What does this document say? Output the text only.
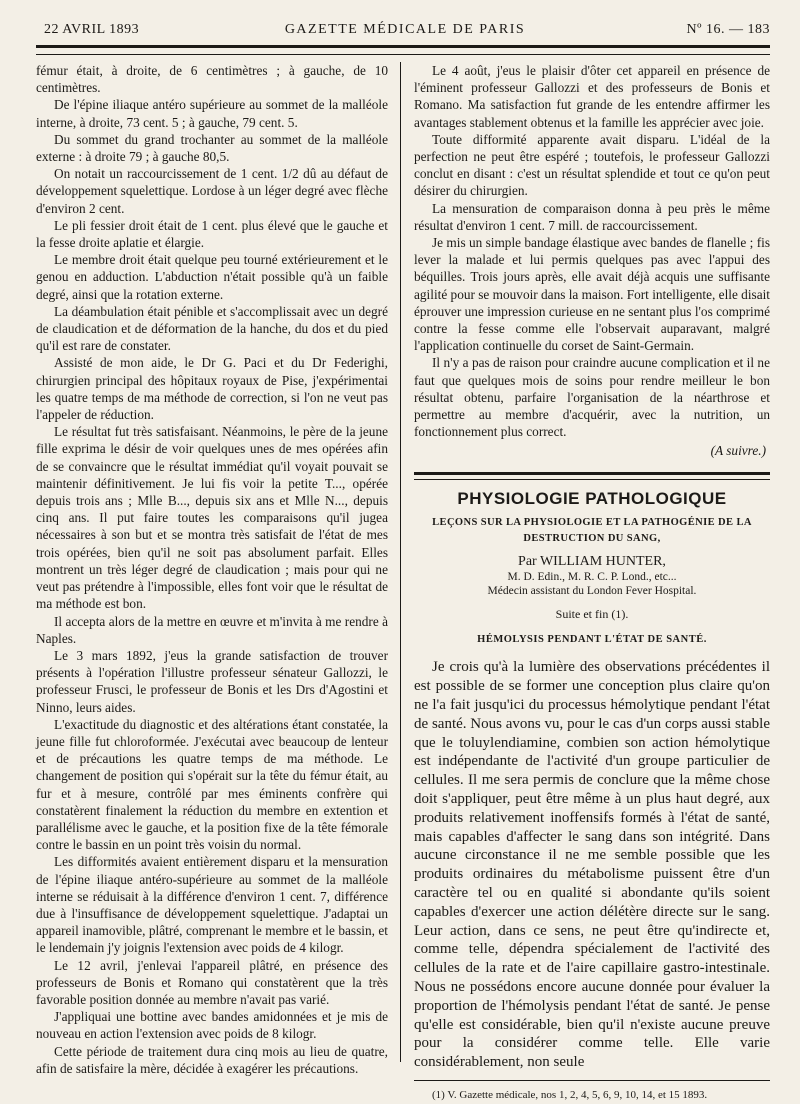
22 AVRIL 1893	GAZETTE MÉDICALE DE PARIS	Nº 16. — 183

fémur était, à droite, de 6 centimètres ; à gauche, de 10 centimètres.

De l'épine iliaque antéro supérieure au sommet de la malléole interne, à droite, 73 cent. 5 ; à gauche, 79 cent. 5.

Du sommet du grand trochanter au sommet de la malléole externe : à droite 79 ; à gauche 80,5.

On notait un raccourcissement de 1 cent. 1/2 dû au défaut de développement squelettique. Lordose à un léger degré avec flèche d'environ 2 cent.

Le pli fessier droit était de 1 cent. plus élevé que le gauche et la fesse droite aplatie et élargie.

Le membre droit était quelque peu tourné extérieurement et le genou en adduction. L'abduction n'était possible qu'à un faible degré, ainsi que la rotation externe.

La déambulation était pénible et s'accomplissait avec un degré de claudication et de déformation de la hanche, du dos et du pied qu'il est rare de constater.

Assisté de mon aide, le Dr G. Paci et du Dr Federighi, chirurgien principal des hôpitaux royaux de Pise, j'expérimentai les quatre temps de ma méthode de correction, si l'on ne veut pas l'appeler de réduction.

Le résultat fut très satisfaisant. Néanmoins, le père de la jeune fille exprima le désir de voir quelques unes de mes opérées afin de se convaincre que le résultat immédiat qu'il voyait pouvait se maintenir définitivement. Je lui fis voir la petite T..., opérée depuis trois ans ; Mlle B..., depuis six ans et Mlle N..., depuis cinq ans. Il put faire toutes les comparaisons qu'il jugea nécessaires à son but et se montra très satisfait de l'état de mes trois opérées, bien qu'il ne soit pas absolument parfait. Elles montrent un très léger degré de claudication ; mais pour qui ne veut pas prétendre à l'impossible, elles font voir que le résultat de ma méthode est bon.

Il accepta alors de la mettre en œuvre et m'invita à me rendre à Naples.

Le 3 mars 1892, j'eus la grande satisfaction de trouver présents à l'opération l'illustre professeur sénateur Gallozzi, le professeur Frusci, le professeur de Bonis et les Drs d'Agostini et Ninno, leurs aides.

L'exactitude du diagnostic et des altérations étant constatée, la jeune fille fut chloroformée. J'exécutai avec beaucoup de lenteur et de précautions les quatre temps de ma méthode. Le changement de position qui s'opérait sur la tête du fémur était, au fur et à mesure, contrôlé par mes éminents confrère qui constatèrent finalement la réduction du membre en extention et parallélisme avec le gauche, et la position fixe de la tête fémorale contre le bassin en un point très voisin du normal.

Les difformités avaient entièrement disparu et la mensuration de l'épine iliaque antéro-supérieure au sommet de la malléole interne se réduisait à la différence d'environ 1 cent. 7, différence due à l'insuffisance de développement squelettique. J'adaptai un appareil inamovible, plâtré, comprenant le membre et le bassin, et le lendemain j'y joignis l'extension avec poids de 4 kilogr.

Le 12 avril, j'enlevai l'appareil plâtré, en présence des professeurs de Bonis et Romano qui constatèrent que la très favorable position donnée au membre n'avait pas varié.

J'appliquai une bottine avec bandes amidonnées et je mis de nouveau en action l'extension avec poids de 8 kilogr.

Cette période de traitement dura cinq mois au lieu de quatre, afin de satisfaire la mère, décidée à exagérer les précautions.

Le 4 août, j'eus le plaisir d'ôter cet appareil en présence de l'éminent professeur Gallozzi et des professeurs de Bonis et Romano. Ma satisfaction fut grande de les entendre affirmer les avantages stablement obtenus et la famille les apprécier avec joie.

Toute difformité apparente avait disparu. L'idéal de la perfection ne peut être espéré ; toutefois, le professeur Gallozzi conclut en disant : c'est un résultat splendide et tout ce qu'on peut désirer du chirurgien.

La mensuration de comparaison donna à peu près le même résultat d'environ 1 cent. 7 mill. de raccourcissement.

Je mis un simple bandage élastique avec bandes de flanelle ; fis lever la malade et lui permis quelques pas avec l'appui des béquilles. Trois jours après, elle avait déjà acquis une suffisante agilité pour se mouvoir dans la maison. Fort intelligente, elle disait éprouver une impression curieuse en ne sentant plus l'os comprimé contre la fesse comme elle l'observait auparavant, malgré l'application continuelle du corset de Saint-Germain.

Il n'y a pas de raison pour craindre aucune complication et il ne faut que quelques mois de soins pour rendre meilleur le bon résultat obtenu, parfaire l'organisation de la néarthrose et permettre au membre d'acquérir, avec la nutrition, un fonctionnement plus correct.

(A suivre.)
PHYSIOLOGIE PATHOLOGIQUE
LEÇONS SUR LA PHYSIOLOGIE ET LA PATHOGÉNIE DE LA
DESTRUCTION DU SANG,
Par WILLIAM HUNTER,
M. D. Edin., M. R. C. P. Lond., etc...
Médecin assistant du London Fever Hospital.
Suite et fin (1).
HÉMOLYSIS PENDANT L'ÉTAT DE SANTÉ.

Je crois qu'à la lumière des observations précédentes il est possible de se former une conception plus claire qu'on ne l'a fait jusqu'ici du processus hémolytique pendant l'état de santé. Nous avons vu, pour le cas d'un corps aussi stable que le toluylendiamine, combien son action hémolytique est indépendante de l'activité d'un groupe particulier de cellules. Il me sera permis de conclure que la même chose doit s'appliquer, peut être même à un plus haut degré, aux produits relativement inoffensifs formés à l'état de santé, mais capables d'affecter le sang dans son intégrité. Dans aucune circonstance il ne me semble possible que les produits ordinaires du métabolisme puissent être d'un caractère tel ou en qualité si abondante qu'ils soient capables d'exercer une action délétère directe sur le sang. Leur action, dans ce sens, ne peut être qu'indirecte et, comme telle, dépendra spécialement de l'activité des cellules de la rate et de l'aire capillaire gastro-intestinale. Nous ne possédons encore aucune donnée pour évaluer la proportion de l'hémolysis pendant l'état de santé. Je pense qu'elle est considérable, bien qu'il n'existe aucune preuve pour la considérer comme telle. Elle varie considérablement, non seule

(1) V. Gazette médicale, nos 1, 2, 4, 5, 6, 9, 10, 14, et 15 1893.
